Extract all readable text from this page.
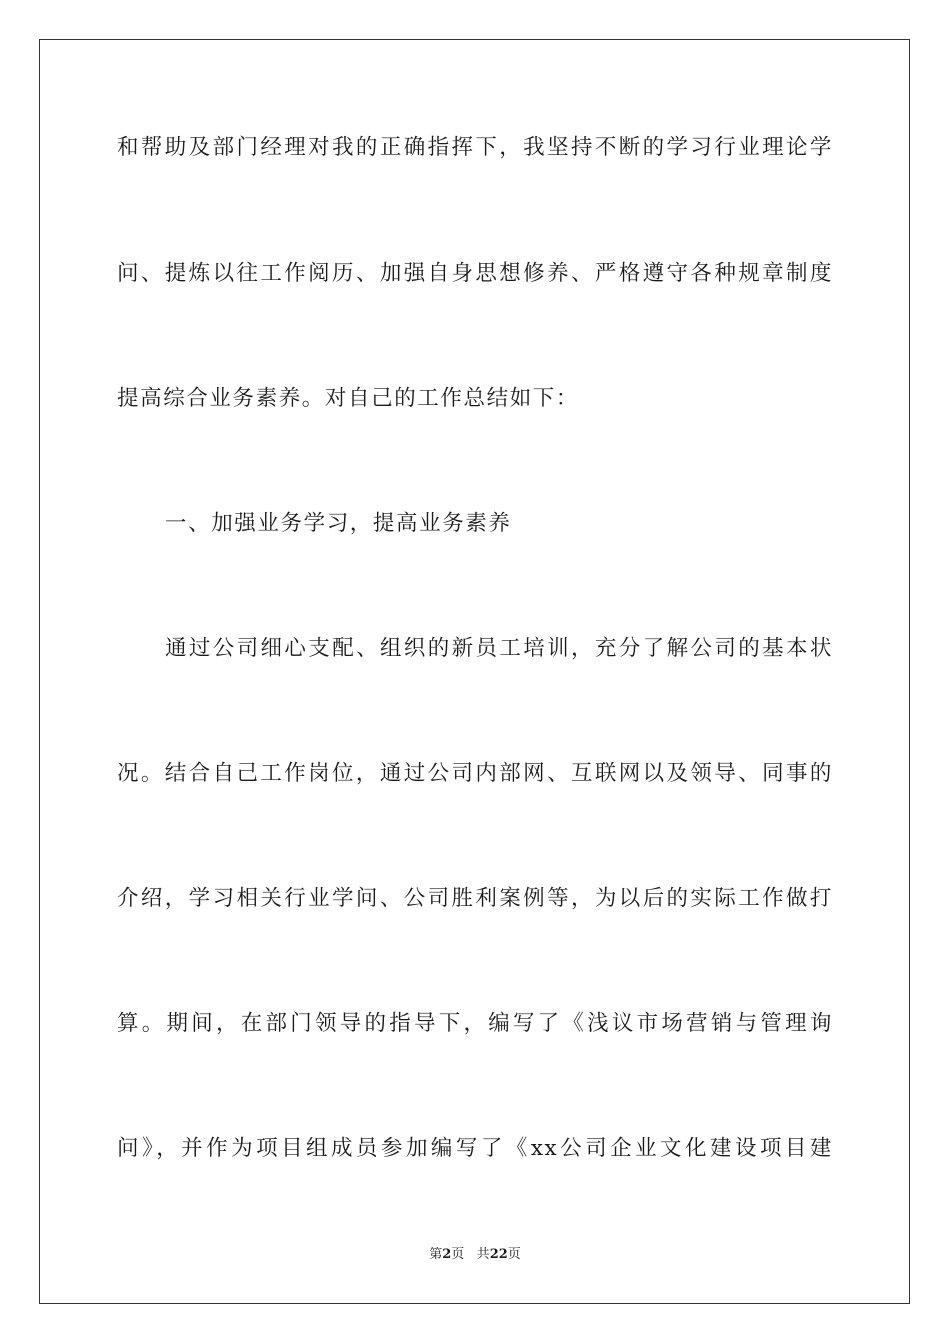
和帮助及部门经理对我的正确指挥下，我坚持不断的学习行业理论学
问、提炼以往工作阅历、加强自身思想修养、严格遵守各种规章制度
提高综合业务素养。对自己的工作总结如下：
一、加强业务学习，提高业务素养
通过公司细心支配、组织的新员工培训，充分了解公司的基本状
况。结合自己工作岗位，通过公司内部网、互联网以及领导、同事的
介绍，学习相关行业学问、公司胜利案例等，为以后的实际工作做打
算。期间，在部门领导的指导下，编写了《浅议市场营销与管理询
问》，并作为项目组成员参加编写了《xx公司企业文化建设项目建
第2页 共22页
